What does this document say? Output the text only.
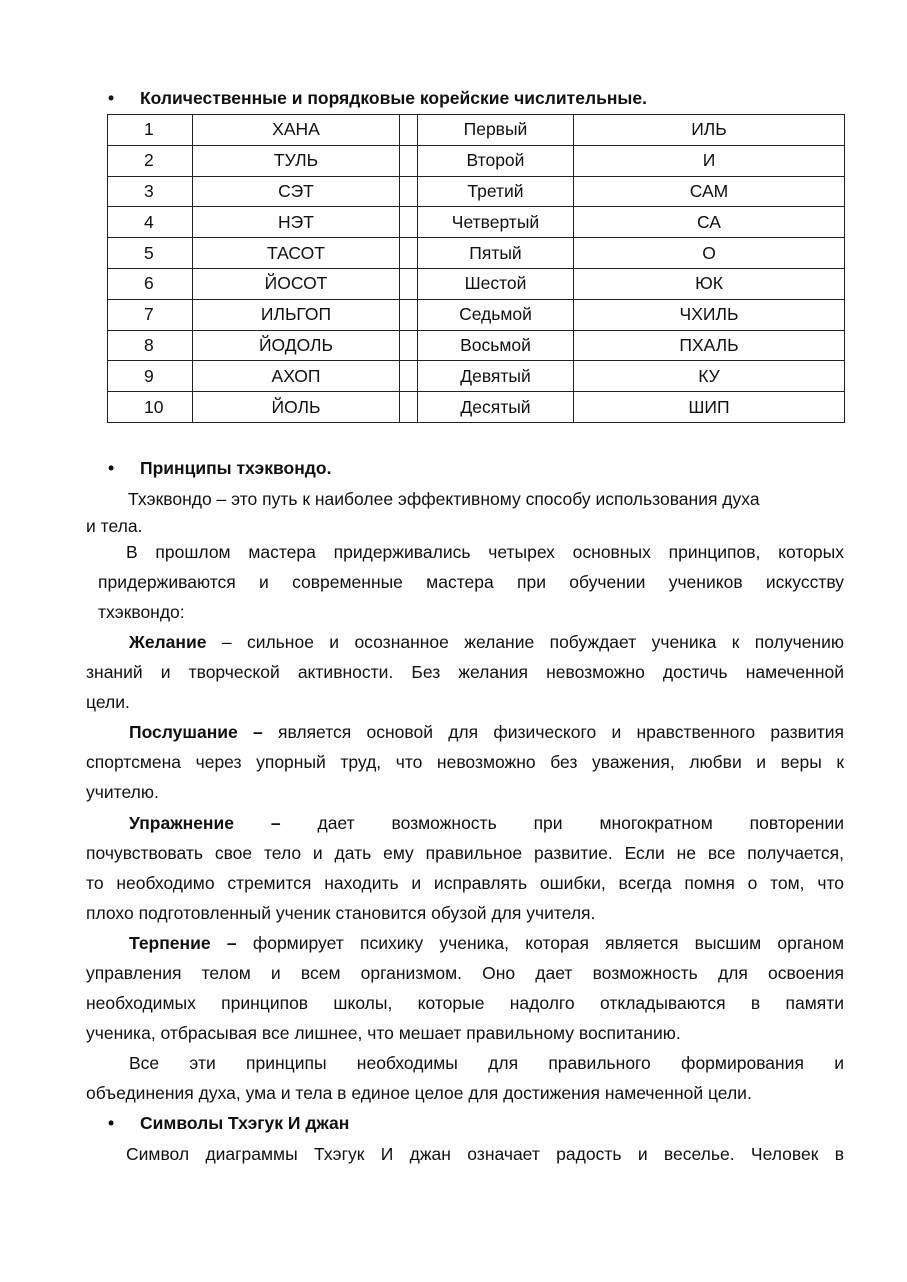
• Количественные и порядковые корейские числительные.
1	ХАНА		Первый	ИЛЬ
2	ТУЛЬ		Второй	И
3	СЭТ		Третий	САМ
4	НЭТ		Четвертый	СА
5	ТАСОТ		Пятый	О
6	ЙОСОТ		Шестой	ЮК
7	ИЛЬГОП		Седьмой	ЧХИЛЬ
8	ЙОДОЛЬ		Восьмой	ПХАЛЬ
9	АХОП		Девятый	КУ
10	ЙОЛЬ		Десятый	ШИП
• Принципы тхэквондо.
Тхэквондо – это путь к наиболее эффективному способу использования духа
и тела.
В прошлом мастера придерживались четырех основных принципов, которых
придерживаются и современные мастера при обучении учеников искусству
тхэквондо:
Желание – сильное и осознанное желание побуждает ученика к получению
знаний и творческой активности. Без желания невозможно достичь намеченной
цели.
Послушание – является основой для физического и нравственного развития
спортсмена через упорный труд, что невозможно без уважения, любви и веры к
учителю.
Упражнение – дает возможность при многократном повторении
почувствовать свое тело и дать ему правильное развитие. Если не все получается,
то необходимо стремится находить и исправлять ошибки, всегда помня о том, что
плохо подготовленный ученик становится обузой для учителя.
Терпение – формирует психику ученика, которая является высшим органом
управления телом и всем организмом. Оно дает возможность для освоения
необходимых принципов школы, которые надолго откладываются в памяти
ученика, отбрасывая все лишнее, что мешает правильному воспитанию.
Все эти принципы необходимы для правильного формирования и
объединения духа, ума и тела в единое целое для достижения намеченной цели.
• Символы Тхэгук И джан
Символ диаграммы Тхэгук И джан означает радость и веселье. Человек в
